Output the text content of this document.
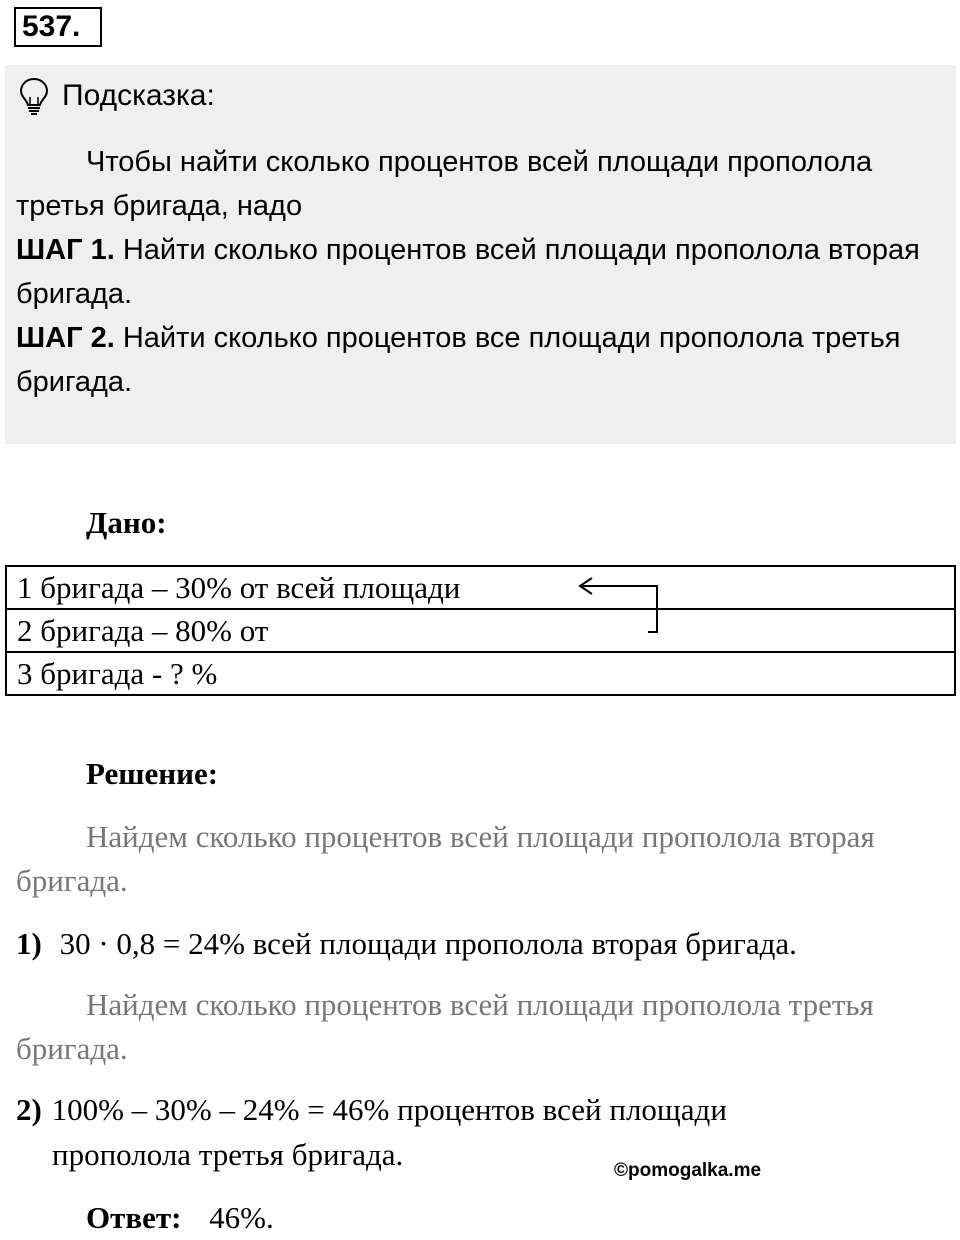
537.
Подсказка:

Чтобы найти сколько процентов всей площади прополола третья бригада, надо

ШАГ 1. Найти сколько процентов всей площади прополола вторая бригада.

ШАГ 2. Найти сколько процентов все площади прополола третья бригада.

Дано:
1 бригада – 30% от всей площади
2 бригада – 80% от
3 бригада - ? %
Решение:
Найдем сколько процентов всей площади прополола вторая бригада.
1) 30 · 0,8 = 24% всей площади прополола вторая бригада.
Найдем сколько процентов всей площади прополола третья бригада.
2) 100% – 30% – 24% = 46% процентов всей площади
прополола третья бригада.	©pomogalka.me
Ответ: 46%.
